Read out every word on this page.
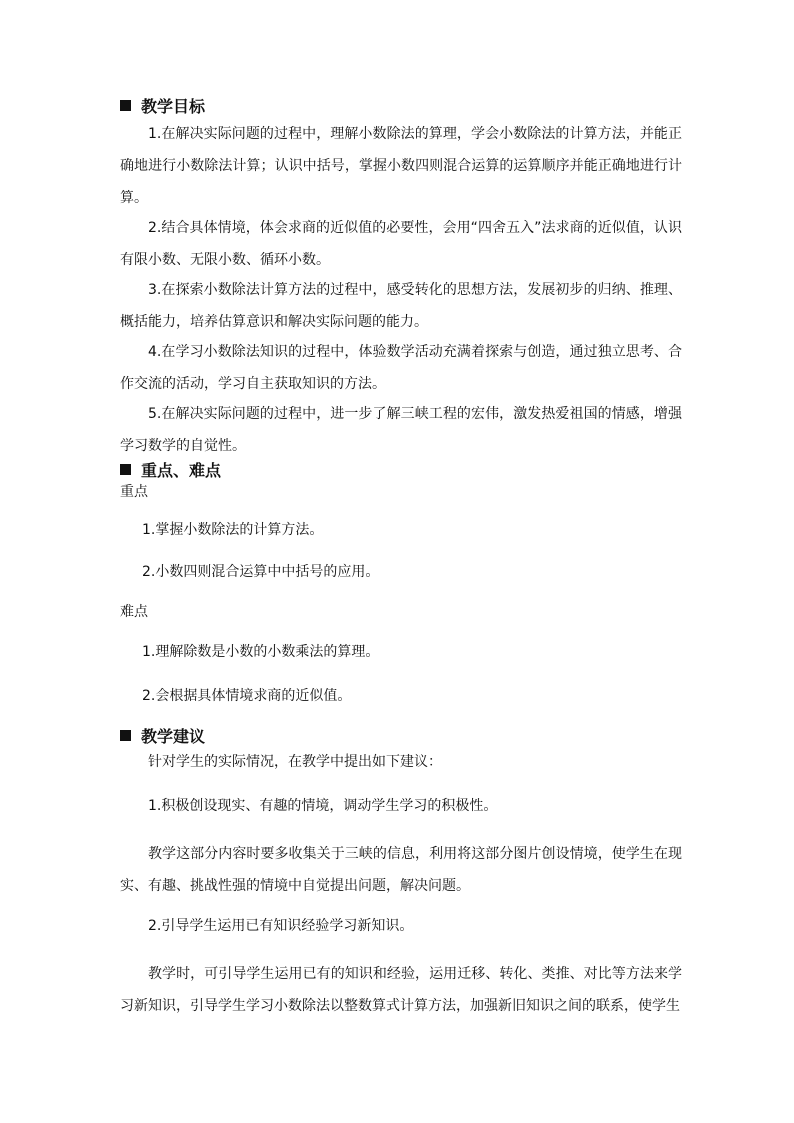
教学目标
1.在解决实际问题的过程中，理解小数除法的算理，学会小数除法的计算方法，并能正确地进行小数除法计算；认识中括号，掌握小数四则混合运算的运算顺序并能正确地进行计算。
2.结合具体情境，体会求商的近似值的必要性，会用“四舍五入”法求商的近似值，认识有限小数、无限小数、循环小数。
3.在探索小数除法计算方法的过程中，感受转化的思想方法，发展初步的归纳、推理、概括能力，培养估算意识和解决实际问题的能力。
4.在学习小数除法知识的过程中，体验数学活动充满着探索与创造，通过独立思考、合作交流的活动，学习自主获取知识的方法。
5.在解决实际问题的过程中，进一步了解三峡工程的宏伟，激发热爱祖国的情感，增强学习数学的自觉性。
重点、难点
重点
1.掌握小数除法的计算方法。
2.小数四则混合运算中中括号的应用。
难点
1.理解除数是小数的小数乘法的算理。
2.会根据具体情境求商的近似值。
教学建议
针对学生的实际情况，在教学中提出如下建议：
1.积极创设现实、有趣的情境，调动学生学习的积极性。
教学这部分内容时要多收集关于三峡的信息，利用将这部分图片创设情境，使学生在现实、有趣、挑战性强的情境中自觉提出问题，解决问题。
2.引导学生运用已有知识经验学习新知识。
教学时，可引导学生运用已有的知识和经验，运用迁移、转化、类推、对比等方法来学习新知识，引导学生学习小数除法以整数算式计算方法，加强新旧知识之间的联系，使学生
